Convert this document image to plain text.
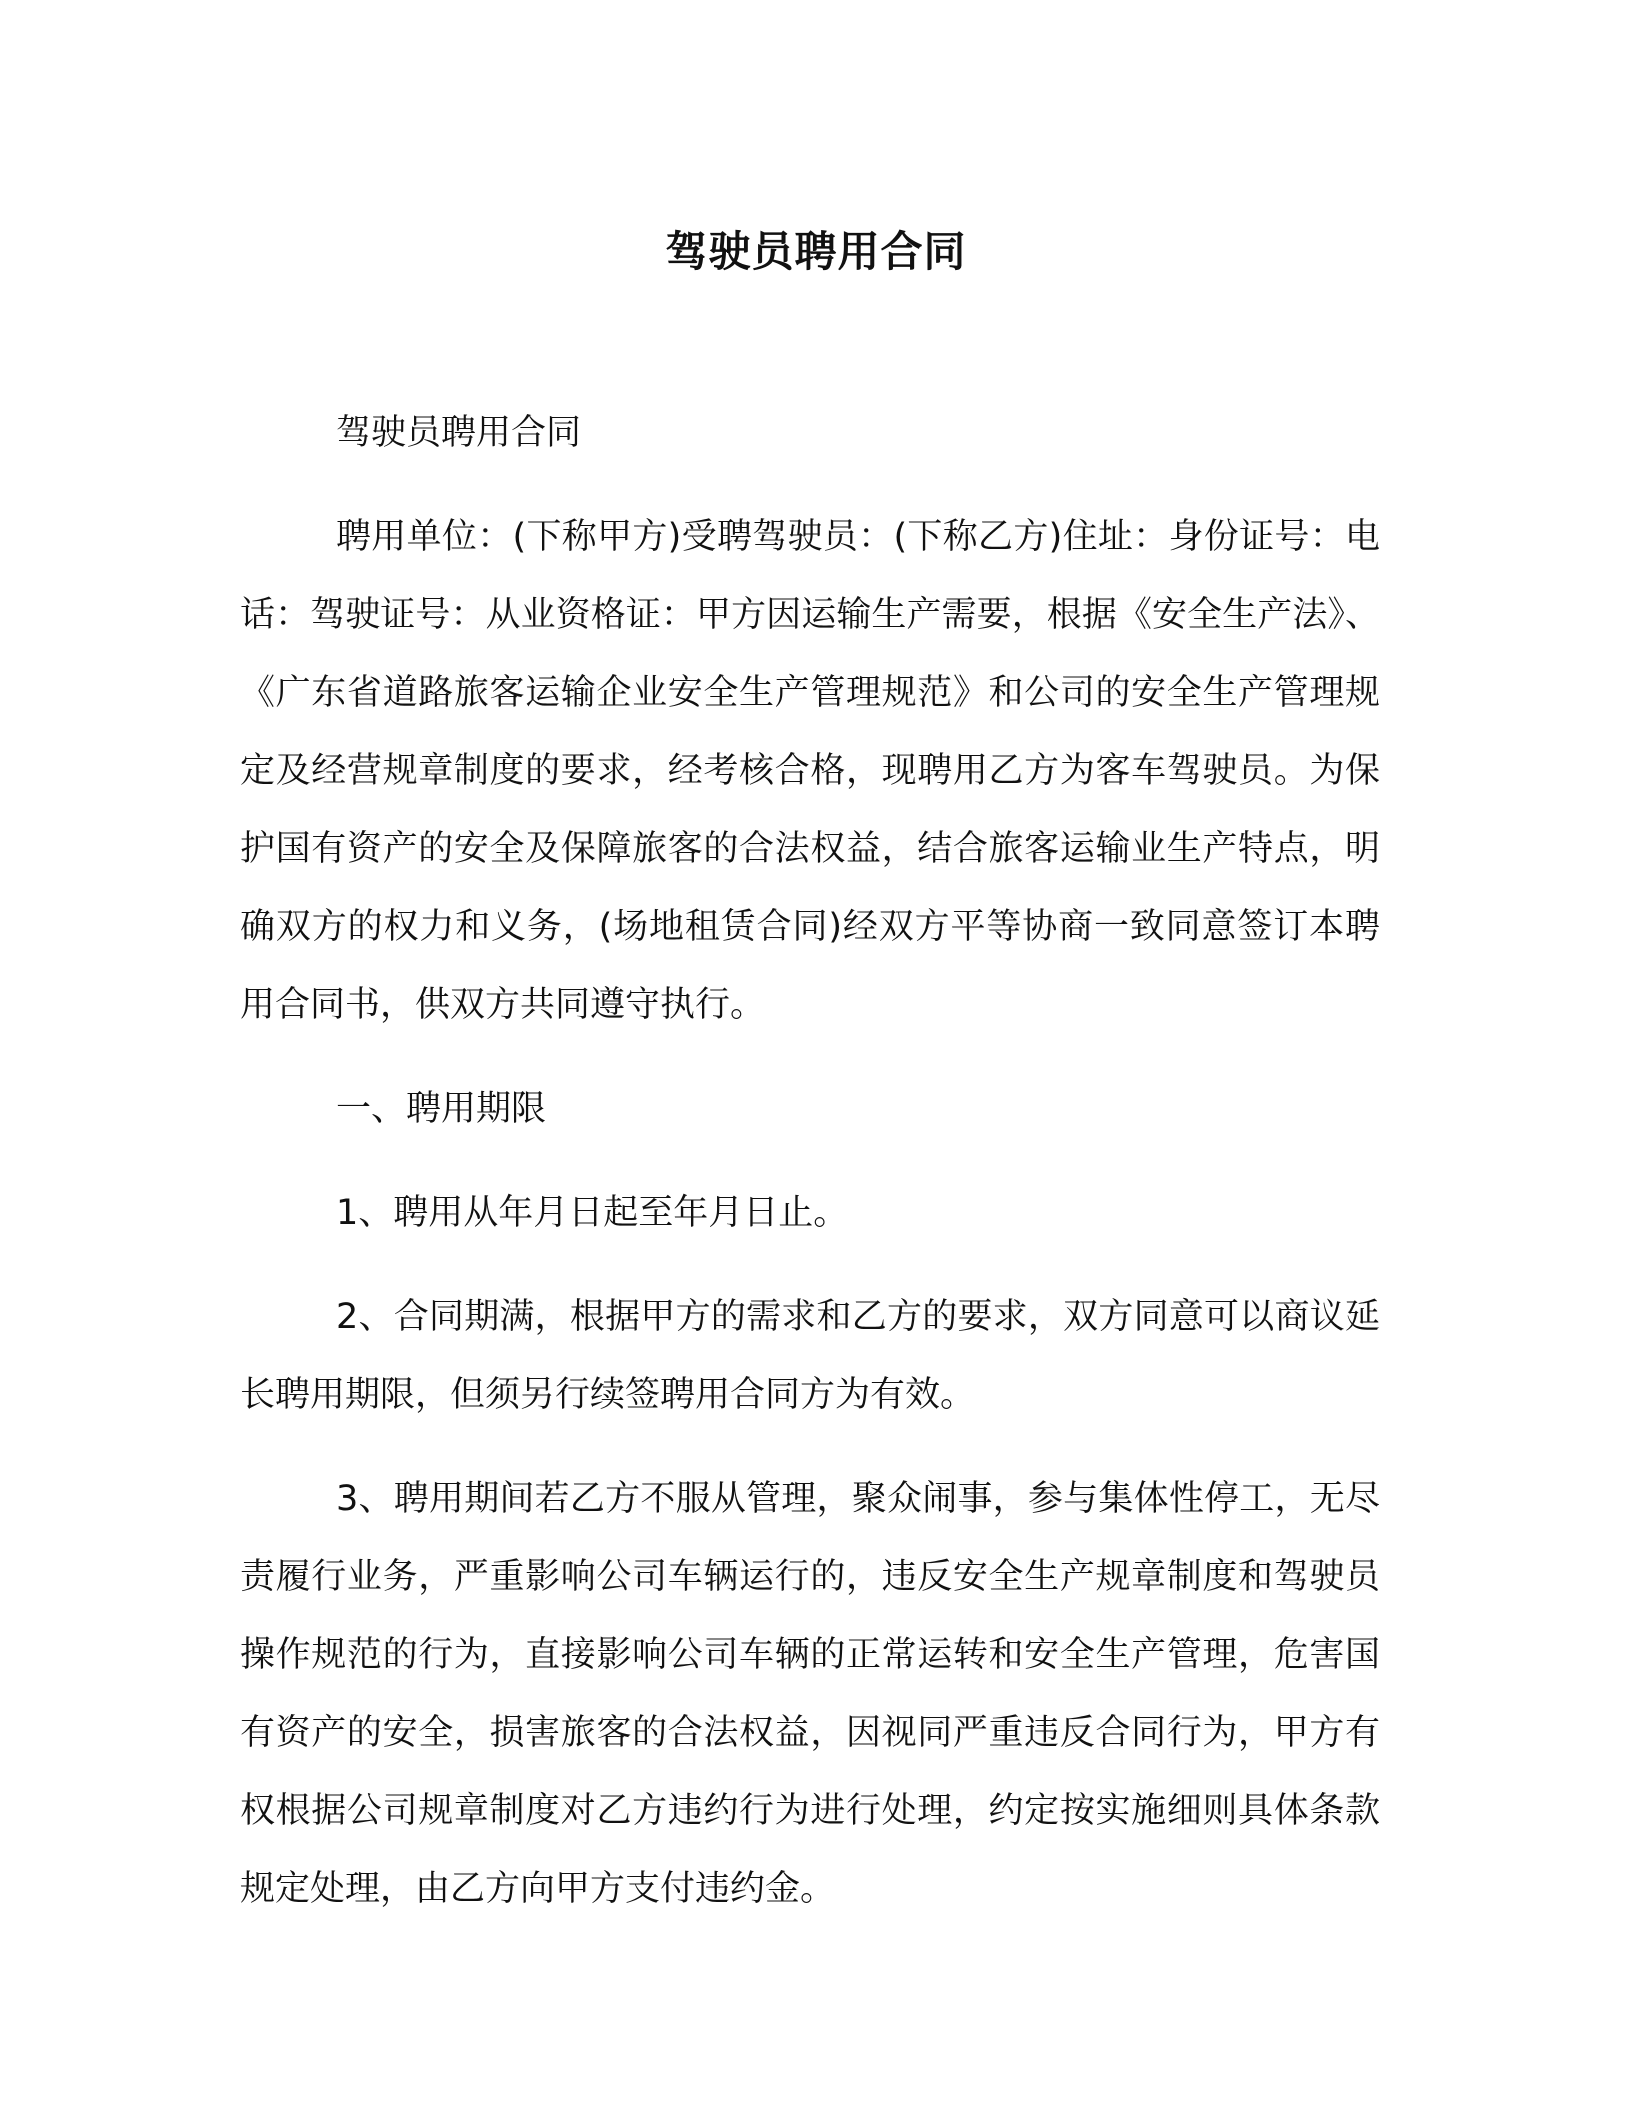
驾驶员聘用合同

驾驶员聘用合同

聘用单位：(下称甲方)受聘驾驶员：(下称乙方)住址：身份证号：电话：驾驶证号：从业资格证：甲方因运输生产需要，根据《安全生产法》、《广东省道路旅客运输企业安全生产管理规范》和公司的安全生产管理规定及经营规章制度的要求，经考核合格，现聘用乙方为客车驾驶员。为保护国有资产的安全及保障旅客的合法权益，结合旅客运输业生产特点，明确双方的权力和义务，(场地租赁合同)经双方平等协商一致同意签订本聘用合同书，供双方共同遵守执行。

一、聘用期限

1、聘用从年月日起至年月日止。

2、合同期满，根据甲方的需求和乙方的要求，双方同意可以商议延长聘用期限，但须另行续签聘用合同方为有效。

3、聘用期间若乙方不服从管理，聚众闹事，参与集体性停工，无尽责履行业务，严重影响公司车辆运行的，违反安全生产规章制度和驾驶员操作规范的行为，直接影响公司车辆的正常运转和安全生产管理，危害国有资产的安全，损害旅客的合法权益，因视同严重违反合同行为，甲方有权根据公司规章制度对乙方违约行为进行处理，约定按实施细则具体条款规定处理，由乙方向甲方支付违约金。
